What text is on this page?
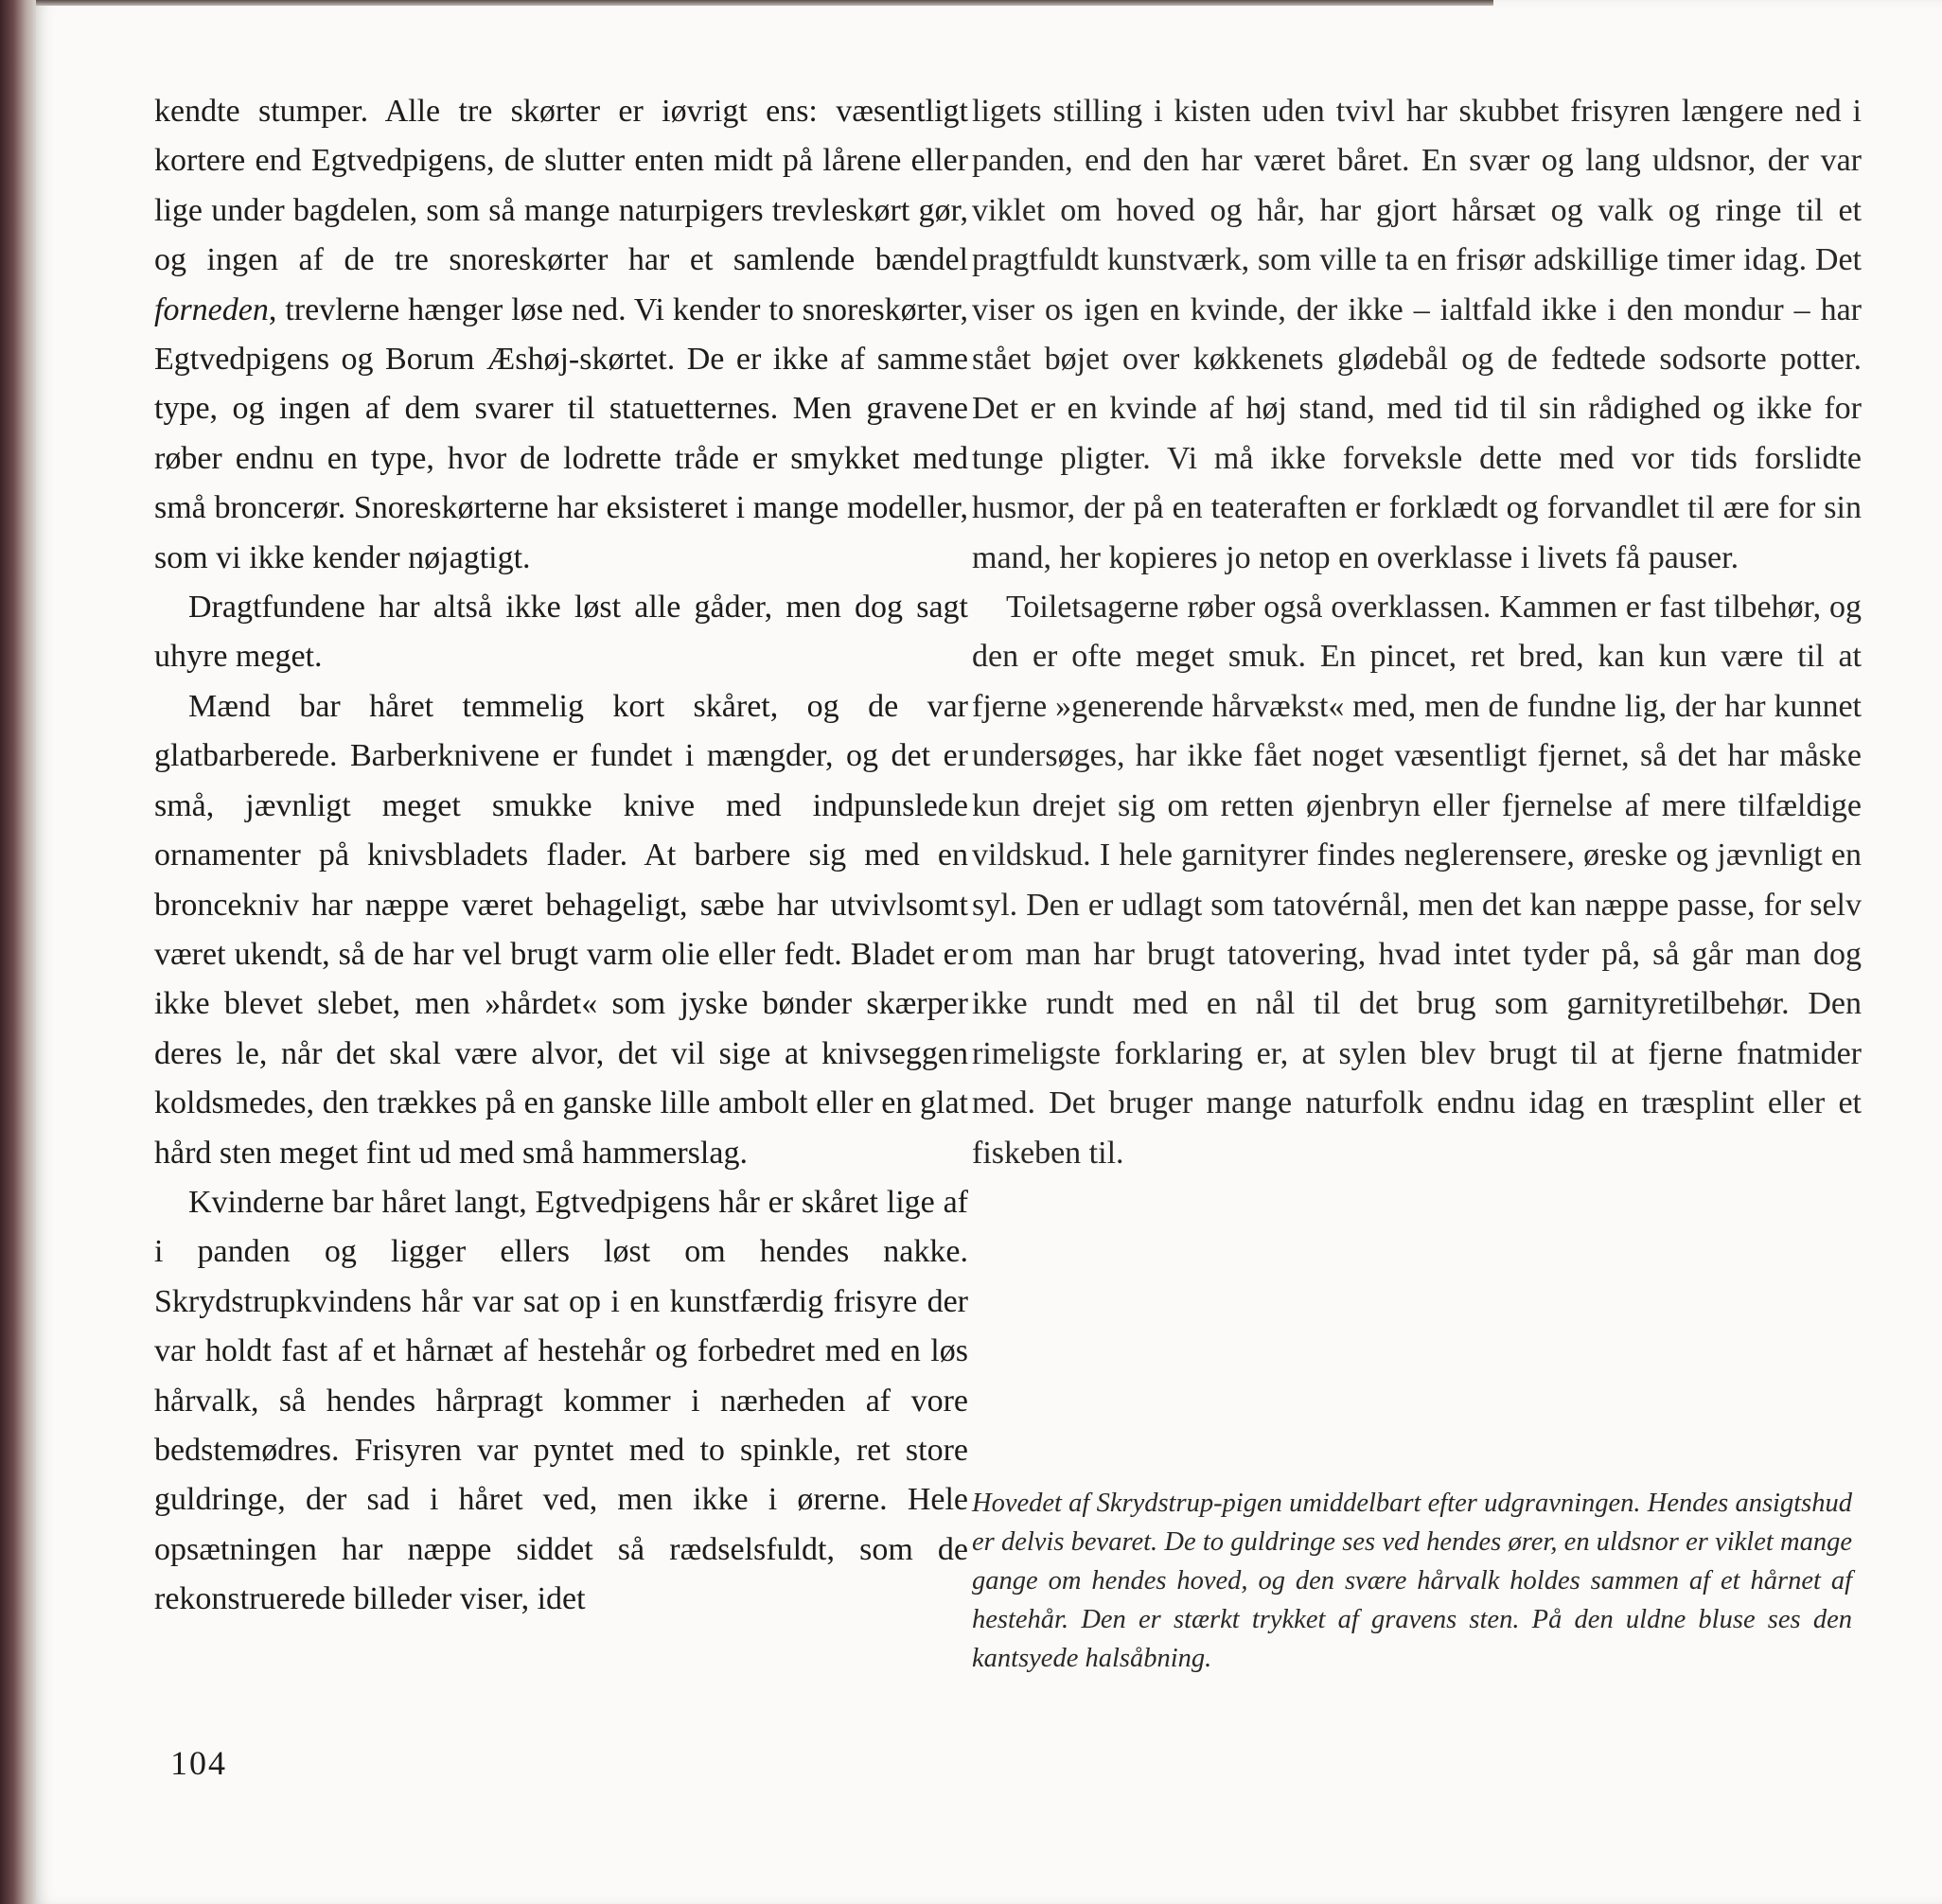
kendte stumper. Alle tre skørter er iøvrigt ens: væsentligt kortere end Egtvedpigens, de slutter enten midt på lårene eller lige under bagdelen, som så mange naturpigers trevleskørt gør, og ingen af de tre snoreskørter har et samlende bændel forneden, trevlerne hænger løse ned. Vi kender to snoreskørter, Egtvedpigens og Borum Æshøj-skørtet. De er ikke af samme type, og ingen af dem svarer til statuetternes. Men gravene røber endnu en type, hvor de lodrette tråde er smykket med små broncerør. Snoreskørterne har eksisteret i mange modeller, som vi ikke kender nøjagtigt.

Dragtfundene har altså ikke løst alle gåder, men dog sagt uhyre meget.

Mænd bar håret temmelig kort skåret, og de var glatbarberede. Barberknivene er fundet i mængder, og det er små, jævnligt meget smukke knive med indpunslede ornamenter på knivsbladets flader. At barbere sig med en broncekniv har næppe været behageligt, sæbe har utvivlsomt været ukendt, så de har vel brugt varm olie eller fedt. Bladet er ikke blevet slebet, men »hårdet« som jyske bønder skærper deres le, når det skal være alvor, det vil sige at knivseggen koldsmedes, den trækkes på en ganske lille ambolt eller en glat hård sten meget fint ud med små hammerslag.

Kvinderne bar håret langt, Egtvedpigens hår er skåret lige af i panden og ligger ellers løst om hendes nakke. Skrydstrupkvindens hår var sat op i en kunstfærdig frisyre der var holdt fast af et hårnæt af hestehår og forbedret med en løs hårvalk, så hendes hårpragt kommer i nærheden af vore bedstemødres. Frisyren var pyntet med to spinkle, ret store guldringe, der sad i håret ved, men ikke i ørerne. Hele opsætningen har næppe siddet så rædselsfuldt, som de rekonstruerede billeder viser, idet

ligets stilling i kisten uden tvivl har skubbet frisyren længere ned i panden, end den har været båret. En svær og lang uldsnor, der var viklet om hoved og hår, har gjort hårsæt og valk og ringe til et pragtfuldt kunstværk, som ville ta en frisør adskillige timer idag. Det viser os igen en kvinde, der ikke – ialtfald ikke i den mondur – har stået bøjet over køkkenets glødebål og de fedtede sodsorte potter. Det er en kvinde af høj stand, med tid til sin rådighed og ikke for tunge pligter. Vi må ikke forveksle dette med vor tids forslidte husmor, der på en teateraften er forklædt og forvandlet til ære for sin mand, her kopieres jo netop en overklasse i livets få pauser.

Toiletsagerne røber også overklassen. Kammen er fast tilbehør, og den er ofte meget smuk. En pincet, ret bred, kan kun være til at fjerne »generende hårvækst« med, men de fundne lig, der har kunnet undersøges, har ikke fået noget væsentligt fjernet, så det har måske kun drejet sig om retten øjenbryn eller fjernelse af mere tilfældige vildskud. I hele garnityrer findes neglerensere, øreske og jævnligt en syl. Den er udlagt som tatovérnål, men det kan næppe passe, for selv om man har brugt tatovering, hvad intet tyder på, så går man dog ikke rundt med en nål til det brug som garnityretilbehør. Den rimeligste forklaring er, at sylen blev brugt til at fjerne fnatmider med. Det bruger mange naturfolk endnu idag en træsplint eller et fiskeben til.

Hovedet af Skrydstrup-pigen umiddelbart efter udgravningen. Hendes ansigtshud er delvis bevaret. De to guldringe ses ved hendes ører, en uldsnor er viklet mange gange om hendes hoved, og den svære hårvalk holdes sammen af et hårnet af hestehår. Den er stærkt trykket af gravens sten. På den uldne bluse ses den kantsyede halsåbning.
104
